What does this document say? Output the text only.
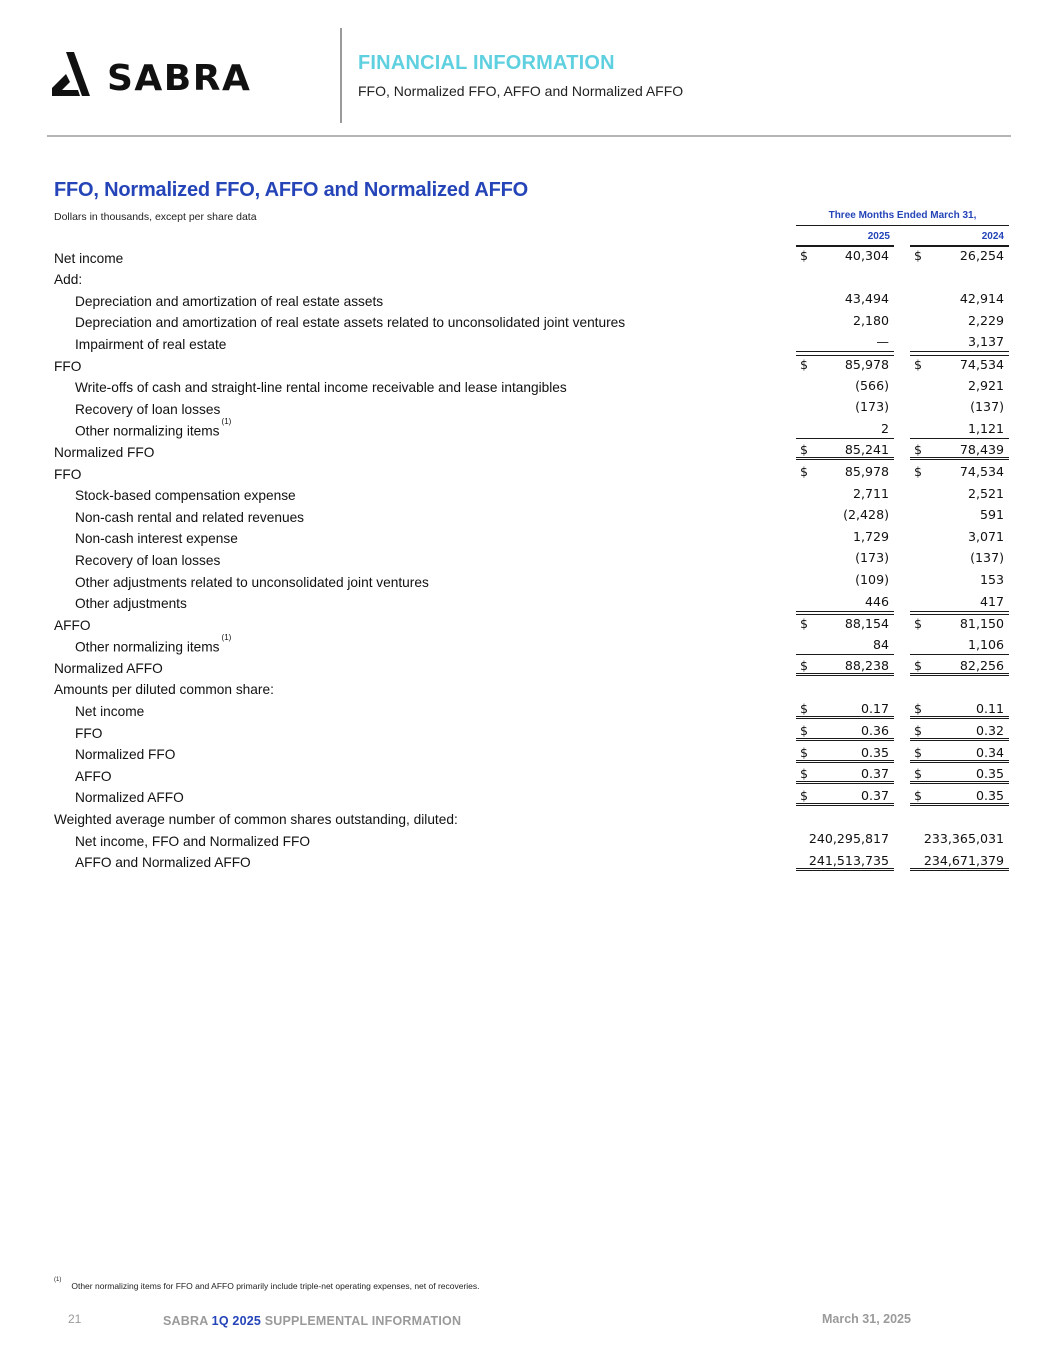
SABRA	FINANCIAL INFORMATION
FFO, Normalized FFO, AFFO and Normalized AFFO
FFO, Normalized FFO, AFFO and Normalized AFFO
Dollars in thousands, except per share data	Three Months Ended March 31,
2025	2024
Net income	$	40,304 $	26,254
Add:
Depreciation and amortization of real estate assets	43,494	42,914
Depreciation and amortization of real estate assets related to unconsolidated joint ventures	2,180	2,229
Impairment of real estate	—	3,137
FFO	$	85,978 $	74,534
Write-offs of cash and straight-line rental income receivable and lease intangibles	(566)	2,921
Recovery of loan losses	(173)	(137)
Other normalizing items$^{(1)}$	2	1,121
Normalized FFO	$	85,241 $	78,439
FFO	$	85,978 $	74,534
Stock-based compensation expense	2,711	2,521
Non-cash rental and related revenues	(2,428)	591
Non-cash interest expense	1,729	3,071
Recovery of loan losses	(173)	(137)
Other adjustments related to unconsolidated joint ventures	(109)	153
Other adjustments	446	417
AFFO	$	88,154 $	81,150
Other normalizing items$^{(1)}$	84	1,106
Normalized AFFO	$	88,238 $	82,256
Amounts per diluted common share:
Net income	$	0.17 $	0.11
FFO	$	0.36 $	0.32
Normalized FFO	$	0.35 $	0.34
AFFO	$	0.37 $	0.35
Normalized AFFO	$	0.37 $	0.35
Weighted average number of common shares outstanding, diluted:
Net income, FFO and Normalized FFO	240,295,817	233,365,031
AFFO and Normalized AFFO	241,513,735	234,671,379
$^{(1)}$Other normalizing items for FFO and AFFO primarily include triple-net operating expenses, net of recoveries.
21	SABRA 1Q 2025 SUPPLEMENTAL INFORMATION	March 31, 2025
